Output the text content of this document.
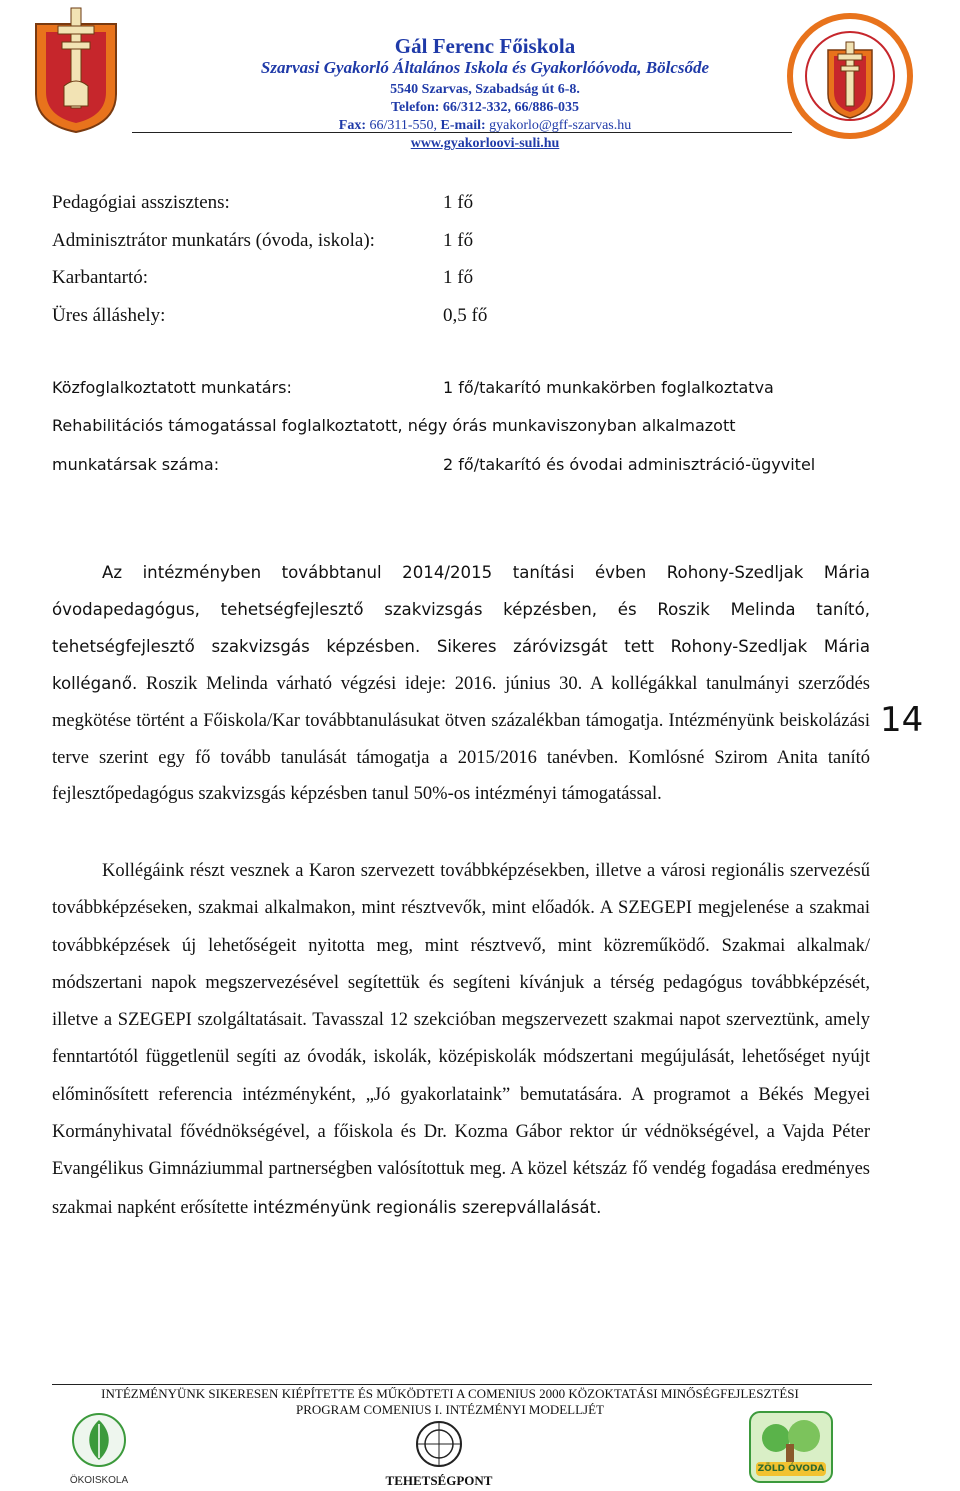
Gál Ferenc Főiskola
Szarvasi Gyakorló Általános Iskola és Gyakorlóóvoda, Bölcsőde
5540 Szarvas, Szabadság út 6-8.
Telefon: 66/312-332, 66/886-035
Fax: 66/311-550, E-mail: gyakorlo@gff-szarvas.hu
www.gyakorloovi-suli.hu
Pedagógiai asszisztens:	1 fő
Adminisztrátor munkatárs (óvoda, iskola):	1 fő
Karbantartó:	1 fő
Üres álláshely:	0,5 fő
Közfoglalkoztatott munkatárs:	1 fő/takarító munkakörben foglalkoztatva
Rehabilitációs támogatással foglalkoztatott, négy órás munkaviszonyban alkalmazott
munkatársak száma:	2 fő/takarító és óvodai adminisztráció-ügyvitel
Az intézményben továbbtanul 2014/2015 tanítási évben Rohony-Szedljak Mária óvodapedagógus, tehetségfejlesztő szakvizsgás képzésben, és Roszik Melinda tanító, tehetségfejlesztő szakvizsgás képzésben. Sikeres záróvizsgát tett Rohony-Szedljak Mária kolléganő. Roszik Melinda várható végzési ideje: 2016. június 30. A kollégákkal tanulmányi szerződés megkötése történt a Főiskola/Kar továbbtanulásukat ötven százalékban támogatja. Intézményünk beiskolázási terve szerint egy fő tovább tanulását támogatja a 2015/2016 tanévben. Komlósné Szirom Anita tanító fejlesztőpedagógus szakvizsgás képzésben tanul 50%-os intézményi támogatással.
14
Kollégáink részt vesznek a Karon szervezett továbbképzésekben, illetve a városi regionális szervezésű továbbképzéseken, szakmai alkalmakon, mint résztvevők, mint előadók. A SZEGEPI megjelenése a szakmai továbbképzések új lehetőségeit nyitotta meg, mint résztvevő, mint közreműködő. Szakmai alkalmak/ módszertani napok megszervezésével segítettük és segíteni kívánjuk a térség pedagógus továbbképzését, illetve a SZEGEPI szolgáltatásait. Tavasszal 12 szekcióban megszervezett szakmai napot szerveztünk, amely fenntartótól függetlenül segíti az óvodák, iskolák, középiskolák módszertani megújulását, lehetőséget nyújt előminősített referencia intézményként, „Jó gyakorlataink” bemutatására. A programot a Békés Megyei Kormányhivatal fővédnökségével, a főiskola és Dr. Kozma Gábor rektor úr védnökségével, a Vajda Péter Evangélikus Gimnáziummal partnerségben valósítottuk meg. A közel kétszáz fő vendég fogadása eredményes szakmai napként erősítette intézményünk regionális szerepvállalását.
INTÉZMÉNYÜNK SIKERESEN KIÉPÍTETTE ÉS MŰKÖDTETI A COMENIUS 2000 KÖZOKTATÁSI MINŐSÉGFEJLESZTÉSI
PROGRAM COMENIUS I. INTÉZMÉNYI MODELLJÉT
ÖKOISKOLA	TEHETSÉGPONT
ZÖLD ÓVODA
